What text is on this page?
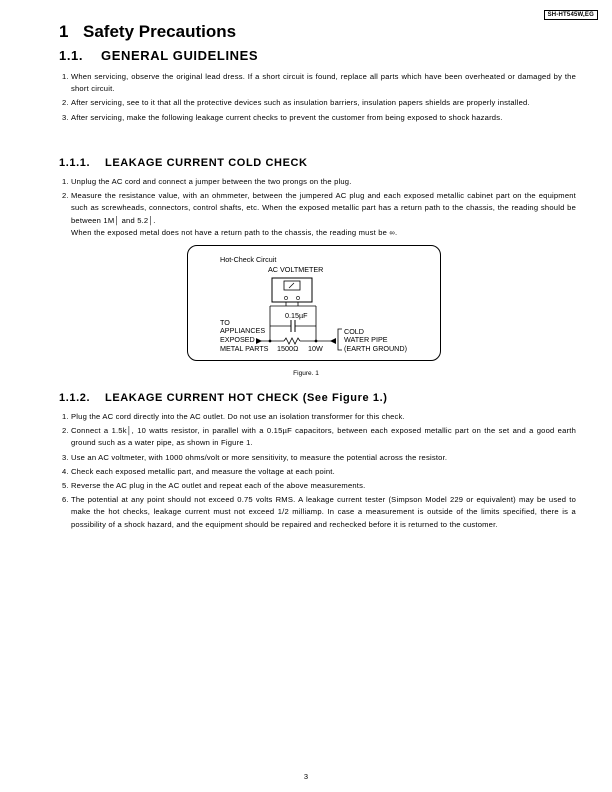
SH-HT545W,EG
1 Safety Precautions
1.1. GENERAL GUIDELINES
1. When servicing, observe the original lead dress. If a short circuit is found, replace all parts which have been overheated or damaged by the short circuit.
2. After servicing, see to it that all the protective devices such as insulation barriers, insulation papers shields are properly installed.
3. After servicing, make the following leakage current checks to prevent the customer from being exposed to shock hazards.
1.1.1. LEAKAGE CURRENT COLD CHECK
1. Unplug the AC cord and connect a jumper between the two prongs on the plug.
2. Measure the resistance value, with an ohmmeter, between the jumpered AC plug and each exposed metallic cabinet part on the equipment such as screwheads, connectors, control shafts, etc. When the exposed metallic part has a return path to the chassis, the reading should be between 1M│ and 5.2│.
When the exposed metal does not have a return path to the chassis, the reading must be ∞.
Hot-Check Circuit
AC VOLTMETER
0.15µF
TO
APPLIANCES
EXPOSED
METAL PARTS 1500Ω 10W
COLD
WATER PIPE
(EARTH GROUND)
Figure. 1
1.1.2. LEAKAGE CURRENT HOT CHECK (See Figure 1.)
1. Plug the AC cord directly into the AC outlet. Do not use an isolation transformer for this check.
2. Connect a 1.5k│, 10 watts resistor, in parallel with a 0.15µF capacitors, between each exposed metallic part on the set and a good earth ground such as a water pipe, as shown in Figure 1.
3. Use an AC voltmeter, with 1000 ohms/volt or more sensitivity, to measure the potential across the resistor.
4. Check each exposed metallic part, and measure the voltage at each point.
5. Reverse the AC plug in the AC outlet and repeat each of the above measurements.
6. The potential at any point should not exceed 0.75 volts RMS. A leakage current tester (Simpson Model 229 or equivalent) may be used to make the hot checks, leakage current must not exceed 1/2 milliamp. In case a measurement is outside of the limits specified, there is a possibility of a shock hazard, and the equipment should be repaired and rechecked before it is returned to the customer.
3
